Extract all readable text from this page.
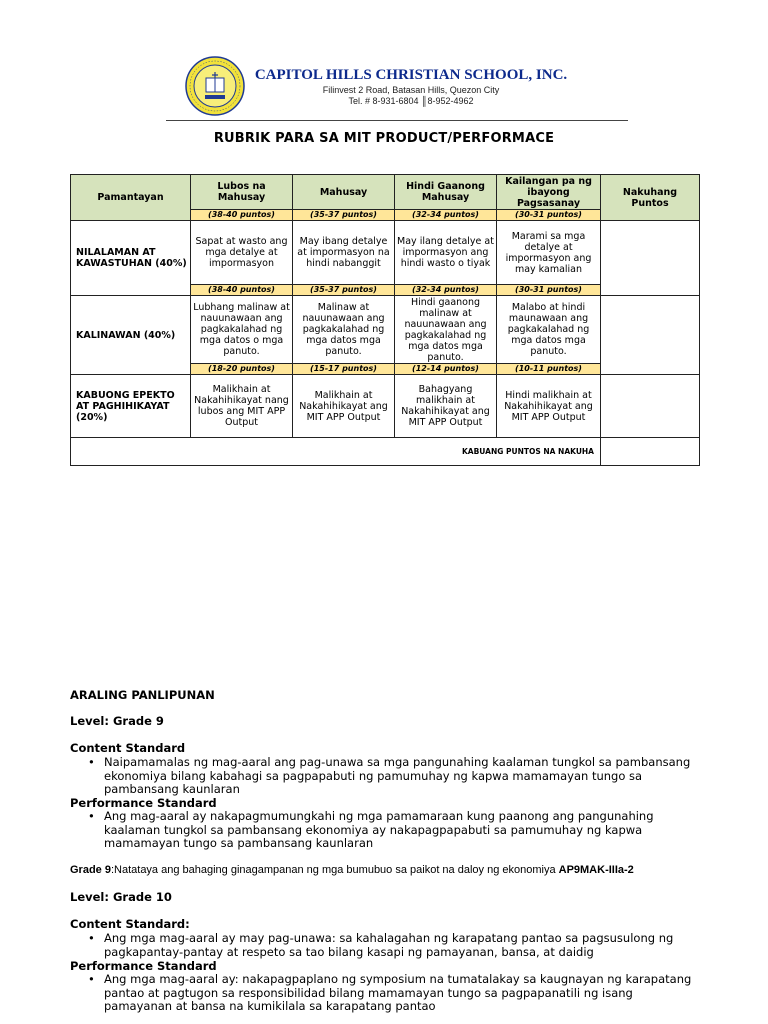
CAPITOL HILLS CHRISTIAN SCHOOL, INC.
Filinvest 2 Road, Batasan Hills, Quezon City
Tel. # 8-931-6804 ║8-952-4962
RUBRIK PARA SA MIT PRODUCT/PERFORMACE
Pamantayan	Lubos na Mahusay	Mahusay	Hindi Gaanong Mahusay	Kailangan pa ng ibayong Pagsasanay	Nakuhang Puntos
	(38-40 puntos)	(35-37 puntos)	(32-34 puntos)	(30-31 puntos)	
NILALAMAN AT KAWASTUHAN (40%)	Sapat at wasto ang mga detalye at impormasyon	May ibang detalye at impormasyon na hindi nabanggit	May ilang detalye at impormasyon ang hindi wasto o tiyak	Marami sa mga detalye at impormasyon ang may kamalian	
	(38-40 puntos)	(35-37 puntos)	(32-34 puntos)	(30-31 puntos)	
KALINAWAN (40%)	Lubhang malinaw at nauunawaan ang pagkakalahad ng mga datos o mga panuto.	Malinaw at nauunawaan ang pagkakalahad ng mga datos mga panuto.	Hindi gaanong malinaw at nauunawaan ang pagkakalahad ng mga datos mga panuto.	Malabo at hindi maunawaan ang pagkakalahad ng mga datos mga panuto.	
	(18-20 puntos)	(15-17 puntos)	(12-14 puntos)	(10-11 puntos)	
KABUONG EPEKTO AT PAGHIHIKAYAT (20%)	Malikhain at Nakahihikayat nang lubos ang MIT APP Output	Malikhain at Nakahihikayat ang MIT APP Output	Bahagyang malikhain at Nakahihikayat ang MIT APP Output	Hindi malikhain at Nakahihikayat ang MIT APP Output	
KABUANG PUNTOS NA NAKUHA					
ARALING PANLIPUNAN
Level: Grade 9
Content Standard
• Naipamamalas ng mag-aaral ang pag-unawa sa mga pangunahing kaalaman tungkol sa pambansang ekonomiya bilang kabahagi sa pagpapabuti ng pamumuhay ng kapwa mamamayan tungo sa pambansang kaunlaran
Performance Standard
• Ang mag-aaral ay nakapagmumungkahi ng mga pamamaraan kung paanong ang pangunahing kaalaman tungkol sa pambansang ekonomiya ay nakapagpapabuti sa pamumuhay ng kapwa mamamayan tungo sa pambansang kaunlaran
Grade 9:Natataya ang bahaging ginagampanan ng mga bumubuo sa paikot na daloy ng ekonomiya AP9MAK-IIIa-2
Level: Grade 10
Content Standard:
• Ang mga mag-aaral ay may pag-unawa: sa kahalagahan ng karapatang pantao sa pagsusulong ng pagkapantay-pantay at respeto sa tao bilang kasapi ng pamayanan, bansa, at daidig
Performance Standard
• Ang mga mag-aaral ay: nakapagpaplano ng symposium na tumatalakay sa kaugnayan ng karapatang pantao at pagtugon sa responsibilidad bilang mamamayan tungo sa pagpapanatili ng isang pamayanan at bansa na kumikilala sa karapatang pantao
